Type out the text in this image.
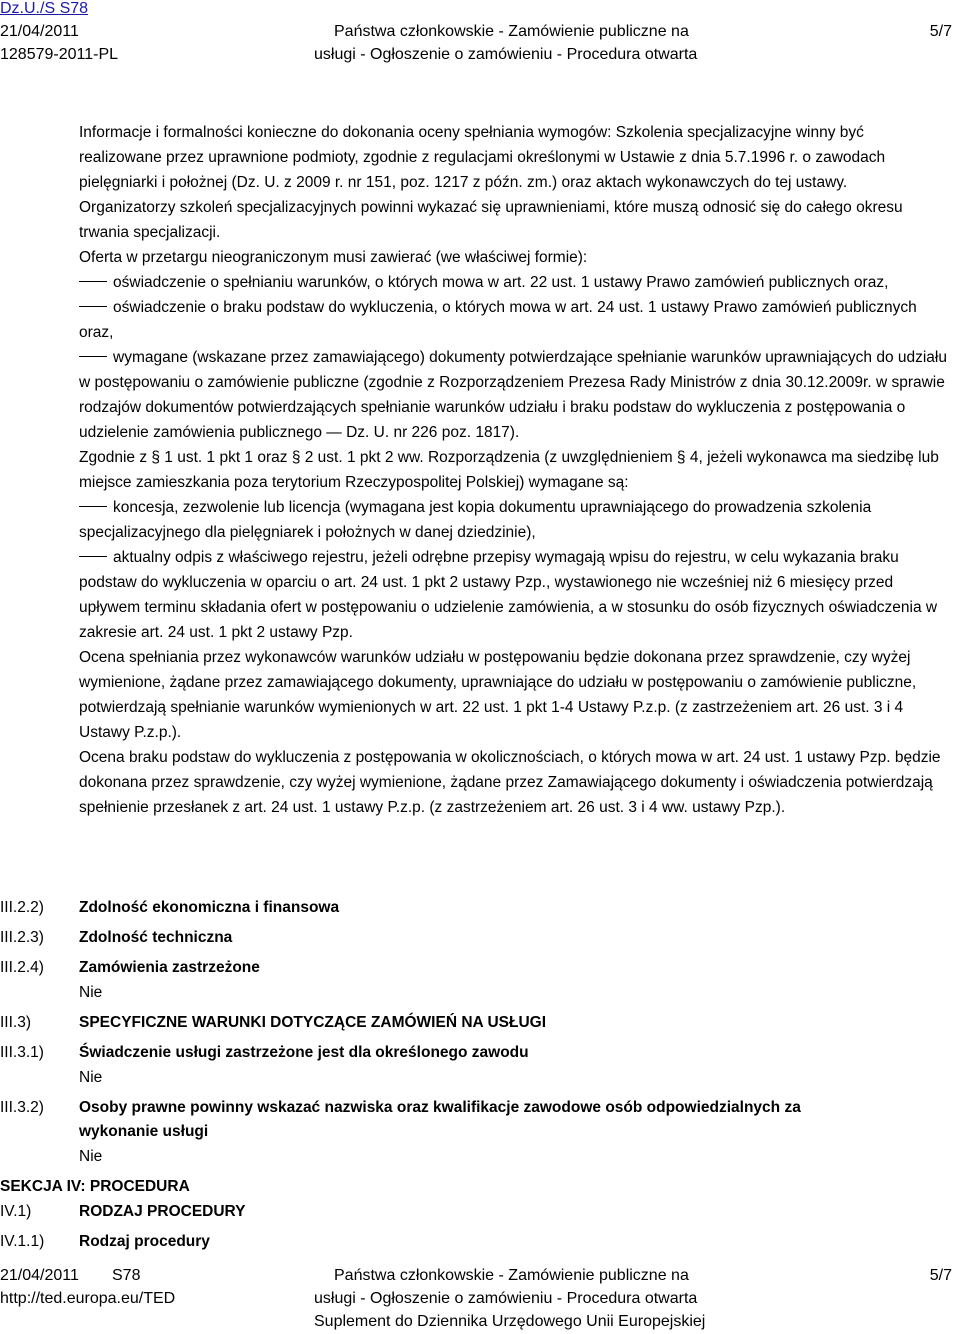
Dz.U./S S78
21/04/2011
128579-2011-PL
Państwa członkowskie - Zamówienie publiczne na
usługi - Ogłoszenie o zamówieniu - Procedura otwarta
5/7

Informacje i formalności konieczne do dokonania oceny spełniania wymogów: Szkolenia specjalizacyjne winny być realizowane przez uprawnione podmioty, zgodnie z regulacjami określonymi w Ustawie z dnia 5.7.1996 r. o zawodach pielęgniarki i położnej (Dz. U. z 2009 r. nr 151, poz. 1217 z późn. zm.) oraz aktach wykonawczych do tej ustawy. Organizatorzy szkoleń specjalizacyjnych powinni wykazać się uprawnieniami, które muszą odnosić się do całego okresu trwania specjalizacji.

Oferta w przetargu nieograniczonym musi zawierać (we właściwej formie):

oświadczenie o spełnianiu warunków, o których mowa w art. 22 ust. 1 ustawy Prawo zamówień publicznych oraz,

oświadczenie o braku podstaw do wykluczenia, o których mowa w art. 24 ust. 1 ustawy Prawo zamówień publicznych oraz,

wymagane (wskazane przez zamawiającego) dokumenty potwierdzające spełnianie warunków uprawniających do udziału w postępowaniu o zamówienie publiczne (zgodnie z Rozporządzeniem Prezesa Rady Ministrów z dnia 30.12.2009r. w sprawie rodzajów dokumentów potwierdzających spełnianie warunków udziału i braku podstaw do wykluczenia z postępowania o udzielenie zamówienia publicznego — Dz. U. nr 226 poz. 1817).

Zgodnie z § 1 ust. 1 pkt 1 oraz § 2 ust. 1 pkt 2 ww. Rozporządzenia (z uwzględnieniem § 4, jeżeli wykonawca ma siedzibę lub miejsce zamieszkania poza terytorium Rzeczypospolitej Polskiej) wymagane są:

koncesja, zezwolenie lub licencja (wymagana jest kopia dokumentu uprawniającego do prowadzenia szkolenia specjalizacyjnego dla pielęgniarek i położnych w danej dziedzinie),

aktualny odpis z właściwego rejestru, jeżeli odrębne przepisy wymagają wpisu do rejestru, w celu wykazania braku podstaw do wykluczenia w oparciu o art. 24 ust. 1 pkt 2 ustawy Pzp., wystawionego nie wcześniej niż 6 miesięcy przed upływem terminu składania ofert w postępowaniu o udzielenie zamówienia, a w stosunku do osób fizycznych oświadczenia w zakresie art. 24 ust. 1 pkt 2 ustawy Pzp.

Ocena spełniania przez wykonawców warunków udziału w postępowaniu będzie dokonana przez sprawdzenie, czy wyżej wymienione, żądane przez zamawiającego dokumenty, uprawniające do udziału w postępowaniu o zamówienie publiczne, potwierdzają spełnianie warunków wymienionych w art. 22 ust. 1 pkt 1-4 Ustawy P.z.p. (z zastrzeżeniem art. 26 ust. 3 i 4 Ustawy P.z.p.).

Ocena braku podstaw do wykluczenia z postępowania w okolicznościach, o których mowa w art. 24 ust. 1 ustawy Pzp. będzie dokonana przez sprawdzenie, czy wyżej wymienione, żądane przez Zamawiającego dokumenty i oświadczenia potwierdzają spełnienie przesłanek z art. 24 ust. 1 ustawy P.z.p. (z zastrzeżeniem art. 26 ust. 3 i 4 ww. ustawy Pzp.).

III.2.2)	Zdolność ekonomiczna i finansowa
III.2.3)	Zdolność techniczna
III.2.4)	Zamówienia zastrzeżone
Nie
III.3)	SPECYFICZNE WARUNKI DOTYCZĄCE ZAMÓWIEŃ NA USŁUGI
III.3.1)	Świadczenie usługi zastrzeżone jest dla określonego zawodu
Nie
III.3.2)	Osoby prawne powinny wskazać nazwiska oraz kwalifikacje zawodowe osób odpowiedzialnych za
wykonanie usługi
Nie
SEKCJA IV: PROCEDURA
IV.1)	RODZAJ PROCEDURY
IV.1.1)	Rodzaj procedury
21/04/2011 S78
http://ted.europa.eu/TED
Państwa członkowskie - Zamówienie publiczne na
usługi - Ogłoszenie o zamówieniu - Procedura otwarta
Suplement do Dziennika Urzędowego Unii Europejskiej
5/7
